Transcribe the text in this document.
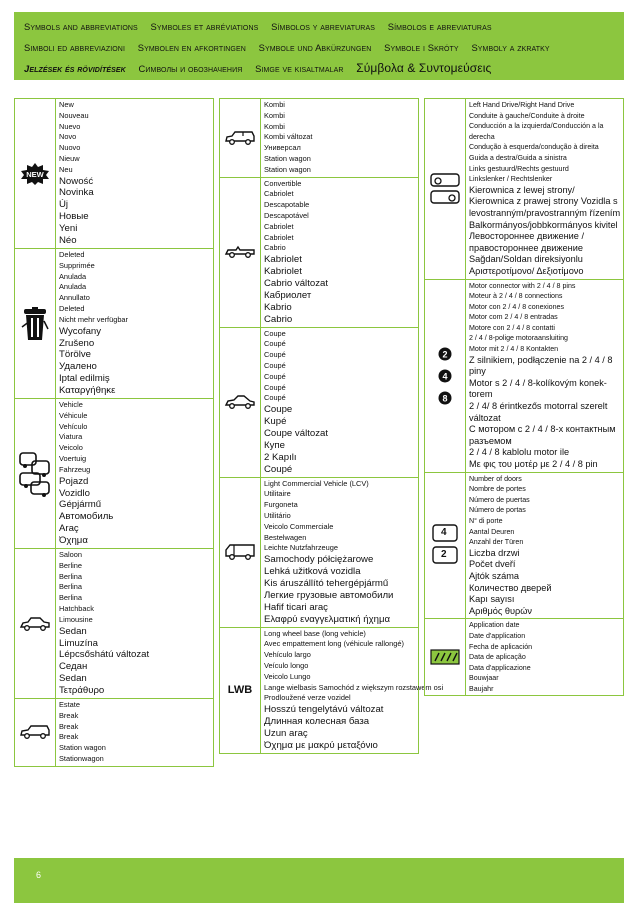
Symbols and abbreviations Symboles et abréviations Símbolos y abreviaturas Símbolos e abreviaturas
Simboli ed abbreviazioni Symbolen en afkortingen Symbole und Abkürzungen Symbole i Skróty Symboly a zkratky
Jelzések és rövidítések Символы и обозначения Simge ve kisaltmalar Σύμβολα & Συντομεύσεις
NEW
New
Nouveau
Nuevo
Novo
Nuovo
Nieuw
Neu
Nowość
Novinka
Új
Новые
Yeni
Néo
Deleted
Supprimée
Anulada
Anulada
Annullato
Deleted
Nicht mehr verfügbar
Wycofany
Zrušeno
Törölve
Удалено
Iptal edilmiş
Καταργήθηκε
Vehicle
Véhicule
Vehículo
Viatura
Veicolo
Voertuig
Fahrzeug
Pojazd
Vozidlo
Gépjármű
Автомобиль
Araç
Όχημα
Saloon
Berline
Berlina
Berlina
Berlina
Hatchback
Limousine
Sedan
Limuzína
Lépcsőshátú változat
Седан
Sedan
Τετράθυρο
Estate
Break
Break
Break
Station wagon
Stationwagon
Kombi
Kombi
Kombi
Kombi változat
Универсал
Station wagon
Station wagon
Convertible
Cabriolet
Descapotable
Descapotável
Cabriolet
Cabriolet
Cabrio
Kabriolet
Kabriolet
Cabrio változat
Кабриолет
Kabrio
Cabrio
Coupe
Coupé
Coupé
Coupé
Coupé
Coupé
Coupé
Coupe
Kupé
Coupe változat
Купе
2 Kapılı
Coupé
Light Commercial Vehicle (LCV)
Utilitaire
Furgoneta
Utilitário
Veicolo Commerciale
Bestelwagen
Leichte Nutzfahrzeuge
Samochody półciężarowe
Lehká užitková vozidla
Kis áruszállító tehergépjármű
Легкие грузовые автомобили
Hafif ticari araç
Ελαφρύ εναγγελματική ήχημα
LWB
Long wheel base (long vehicle)
Avec empattement long (véhicule rallongé)
Vehículo largo
Veículo longo
Veicolo Lungo
Lange wielbasis Samochód z większym rozstawem osi
Prodloužené verze vozidel
Hosszú tengelytávú változat
Длинная колесная база
Uzun araç
Όχημα με μακρύ μεταξόνιο
Left Hand Drive/Right Hand Drive
Conduite à gauche/Conduite à droite
Conducción a la izquierda/Conducción a la derecha
Condução à esquerda/condução à direita
Guida a destra/Guida a sinistra
Links gestuurd/Rechts gestuurd
Linkslenker / Rechtslenker
Kierownica z lewej strony/
Kierownica z prawej strony Vozidla s levostranným/pravostranným řízením
Balkormányos/jobbkormányos kivitel
Левостороннее движение /
правостороннее движение
Sağdan/Soldan direksiyonlu
Αριστεροτίμονο/ Δεξιοτίμονο
2
4
8
Motor connector with 2 / 4 / 8 pins
Moteur à 2 / 4 / 8 connections
Motor con 2 / 4 / 8 conexiones
Motor com 2 / 4 / 8 entradas
Motore con 2 / 4 / 8 contatti
2 / 4 / 8-polige motoraansluiting
Motor mit 2 / 4 / 8 Kontakten
Z silnikiem, podłączenie na 2 / 4 / 8 piny
Motor s 2 / 4 / 8-kolíkovým konek-torem
2 / 4/ 8 érintkezős motorral szerelt változat
С мотором с 2 / 4 / 8-х контактным разъемом
2 / 4 / 8 kablolu motor ile
Με φις του μοτέρ με 2 / 4 / 8 pin
4
2
Number of doors
Nombre de portes
Número de puertas
Número de portas
N° di porte
Aantal Deuren
Anzahl der Türen
Liczba drzwi
Počet dveří
Ajtók száma
Количество дверей
Kapı sayısı
Αριθμός θυρών
Application date
Date d'application
Fecha de aplicación
Data de aplicação
Data d'applicazione
Bouwjaar
Baujahr
6
